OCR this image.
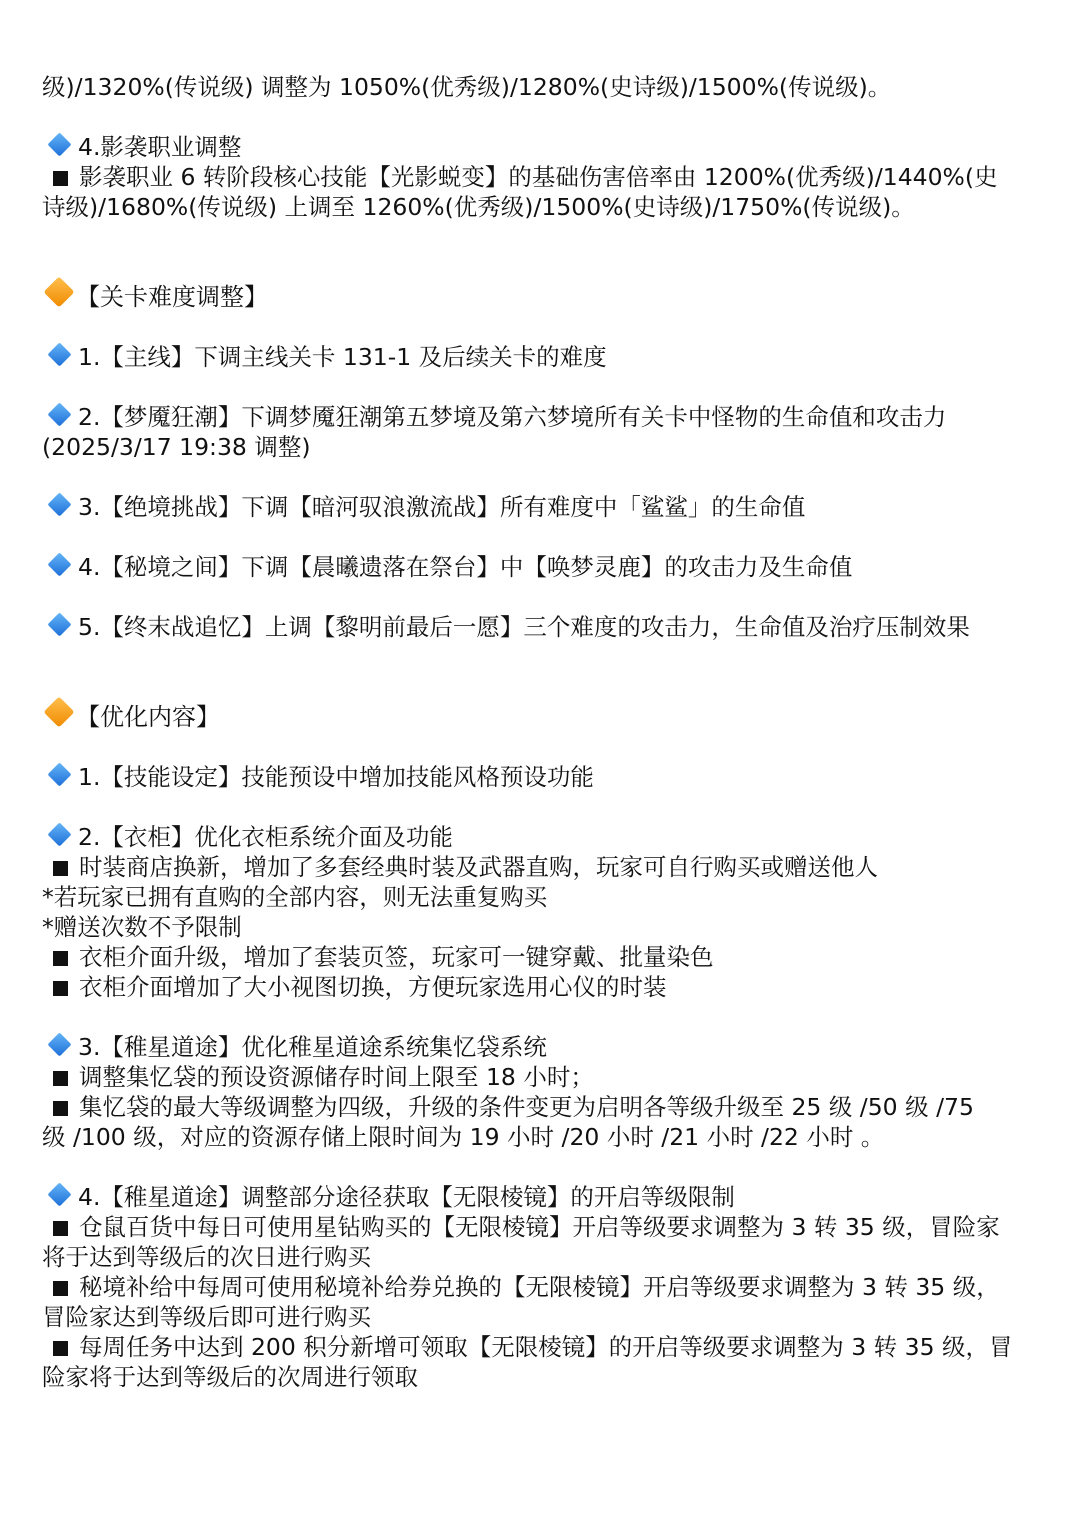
级)/1320%(传说级) 调整为 1050%(优秀级)/1280%(史诗级)/1500%(传说级)。
4.影袭职业调整
影袭职业 6 转阶段核心技能【光影蜕变】的基础伤害倍率由 1200%(优秀级)/1440%(史
诗级)/1680%(传说级) 上调至 1260%(优秀级)/1500%(史诗级)/1750%(传说级)。
【关卡难度调整】
1.【主线】下调主线关卡 131-1 及后续关卡的难度
2.【梦魇狂潮】下调梦魇狂潮第五梦境及第六梦境所有关卡中怪物的生命值和攻击力
(2025/3/17 19:38 调整)
3.【绝境挑战】下调【暗河驭浪激流战】所有难度中「鲨鲨」的生命值
4.【秘境之间】下调【晨曦遗落在祭台】中【唤梦灵鹿】的攻击力及生命值
5.【终末战追忆】上调【黎明前最后一愿】三个难度的攻击力，生命值及治疗压制效果
【优化内容】
1.【技能设定】技能预设中增加技能风格预设功能
2.【衣柜】优化衣柜系统介面及功能
时装商店换新，增加了多套经典时装及武器直购，玩家可自行购买或赠送他人
*若玩家已拥有直购的全部内容，则无法重复购买
*赠送次数不予限制
衣柜介面升级，增加了套装页签，玩家可一键穿戴、批量染色
衣柜介面增加了大小视图切换，方便玩家选用心仪的时装
3.【稚星道途】优化稚星道途系统集忆袋系统
调整集忆袋的预设资源储存时间上限至 18 小时；
集忆袋的最大等级调整为四级，升级的条件变更为启明各等级升级至 25 级 /50 级 /75
级 /100 级，对应的资源存储上限时间为 19 小时 /20 小时 /21 小时 /22 小时 。
4.【稚星道途】调整部分途径获取【无限棱镜】的开启等级限制
仓鼠百货中每日可使用星钻购买的【无限棱镜】开启等级要求调整为 3 转 35 级，冒险家
将于达到等级后的次日进行购买
秘境补给中每周可使用秘境补给券兑换的【无限棱镜】开启等级要求调整为 3 转 35 级，
冒险家达到等级后即可进行购买
每周任务中达到 200 积分新增可领取【无限棱镜】的开启等级要求调整为 3 转 35 级，冒
险家将于达到等级后的次周进行领取
